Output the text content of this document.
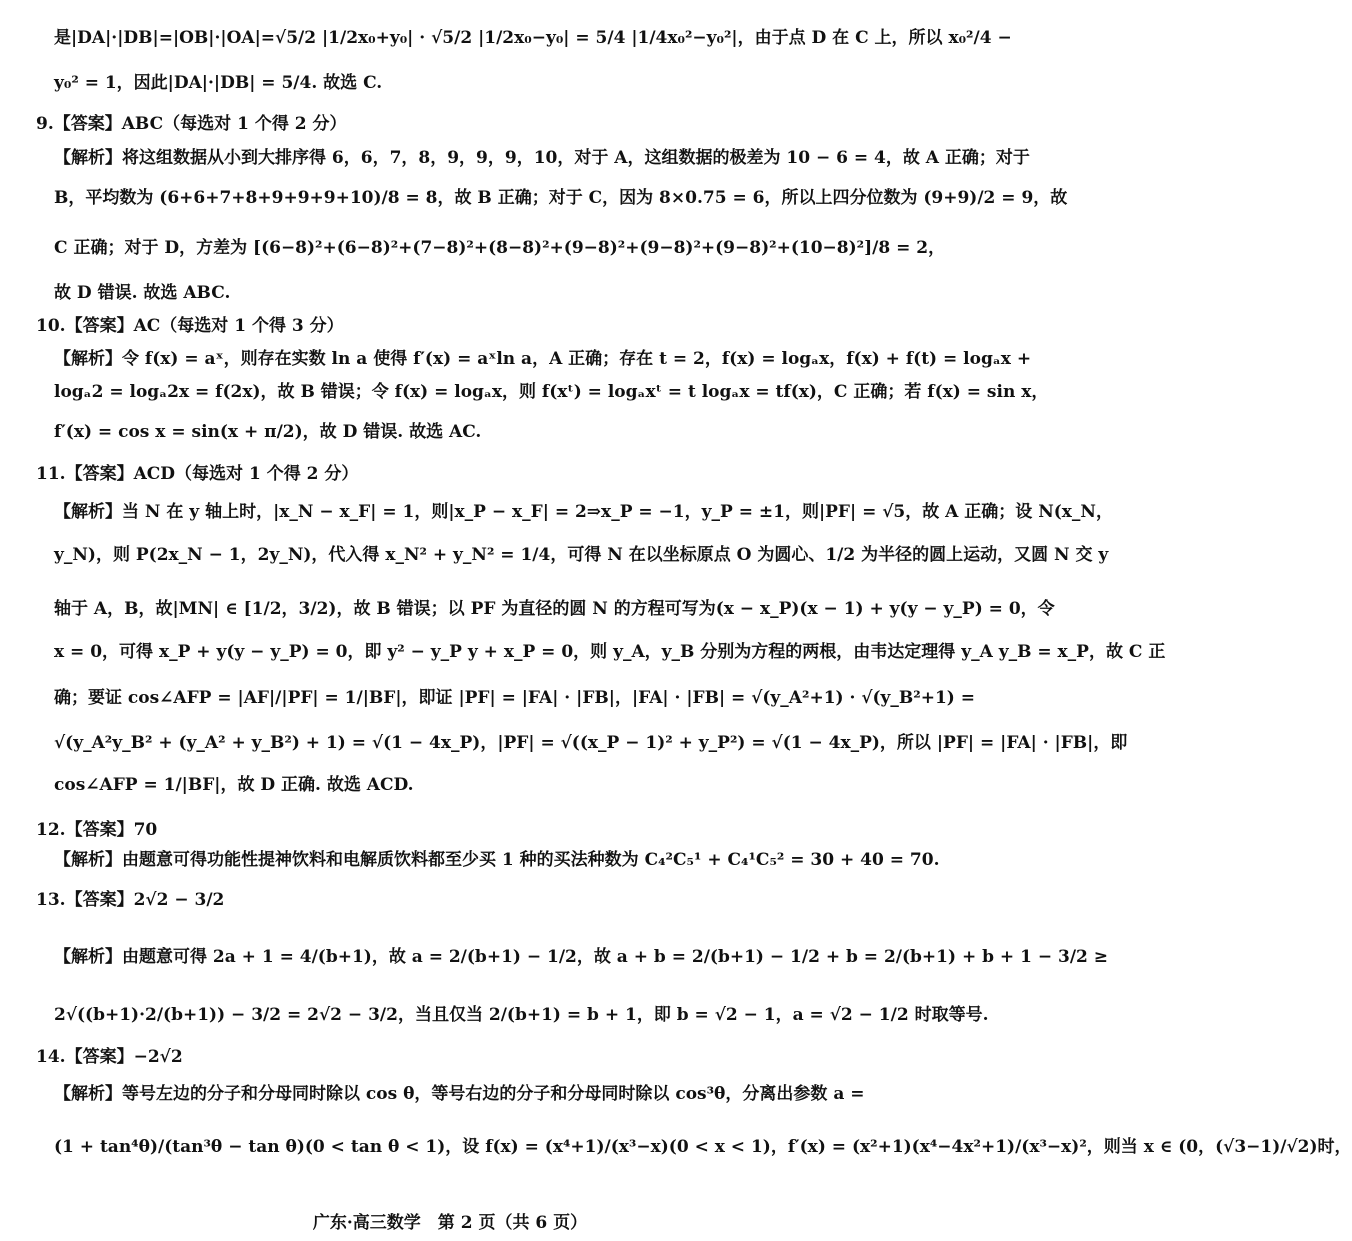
是|DA|·|DB|=|OB|·|OA|=√5/2 |1/2x₀+y₀| · √5/2 |1/2x₀−y₀| = 5/4 |1/4x₀²−y₀²|，由于点 D 在 C 上，所以 x₀²/4 −
y₀² = 1，因此|DA|·|DB| = 5/4. 故选 C.
9.【答案】ABC（每选对 1 个得 2 分）
【解析】将这组数据从小到大排序得 6，6，7，8，9，9，9，10，对于 A，这组数据的极差为 10 − 6 = 4，故 A 正确；对于
B，平均数为 (6+6+7+8+9+9+9+10)/8 = 8，故 B 正确；对于 C，因为 8×0.75 = 6，所以上四分位数为 (9+9)/2 = 9，故
C 正确；对于 D，方差为 [(6−8)²+(6−8)²+(7−8)²+(8−8)²+(9−8)²+(9−8)²+(9−8)²+(10−8)²]/8 = 2，
故 D 错误. 故选 ABC.
10.【答案】AC（每选对 1 个得 3 分）
【解析】令 f(x) = aˣ，则存在实数 ln a 使得 f′(x) = aˣln a，A 正确；存在 t = 2，f(x) = logₐx，f(x) + f(t) = logₐx +
logₐ2 = logₐ2x = f(2x)，故 B 错误；令 f(x) = logₐx，则 f(xᵗ) = logₐxᵗ = t logₐx = tf(x)，C 正确；若 f(x) = sin x，
f′(x) = cos x = sin(x + π/2)，故 D 错误. 故选 AC.
11.【答案】ACD（每选对 1 个得 2 分）
【解析】当 N 在 y 轴上时，|x_N − x_F| = 1，则|x_P − x_F| = 2⇒x_P = −1，y_P = ±1，则|PF| = √5，故 A 正确；设 N(x_N，
y_N)，则 P(2x_N − 1，2y_N)，代入得 x_N² + y_N² = 1/4，可得 N 在以坐标原点 O 为圆心、1/2 为半径的圆上运动，又圆 N 交 y
轴于 A，B，故|MN| ∈ [1/2，3/2)，故 B 错误；以 PF 为直径的圆 N 的方程可写为(x − x_P)(x − 1) + y(y − y_P) = 0，令
x = 0，可得 x_P + y(y − y_P) = 0，即 y² − y_P y + x_P = 0，则 y_A，y_B 分别为方程的两根，由韦达定理得 y_A y_B = x_P，故 C 正
确；要证 cos∠AFP = |AF|/|PF| = 1/|BF|，即证 |PF| = |FA| · |FB|，|FA| · |FB| = √(y_A²+1) · √(y_B²+1) =
√(y_A²y_B² + (y_A² + y_B²) + 1) = √(1 − 4x_P)，|PF| = √((x_P − 1)² + y_P²) = √(1 − 4x_P)，所以 |PF| = |FA| · |FB|，即
cos∠AFP = 1/|BF|，故 D 正确. 故选 ACD.
12.【答案】70
【解析】由题意可得功能性提神饮料和电解质饮料都至少买 1 种的买法种数为 C₄²C₅¹ + C₄¹C₅² = 30 + 40 = 70.
13.【答案】2√2 − 3/2
【解析】由题意可得 2a + 1 = 4/(b+1)，故 a = 2/(b+1) − 1/2，故 a + b = 2/(b+1) − 1/2 + b = 2/(b+1) + b + 1 − 3/2 ≥
2√((b+1)·2/(b+1)) − 3/2 = 2√2 − 3/2，当且仅当 2/(b+1) = b + 1，即 b = √2 − 1，a = √2 − 1/2 时取等号.
14.【答案】−2√2
【解析】等号左边的分子和分母同时除以 cos θ，等号右边的分子和分母同时除以 cos³θ，分离出参数 a =
(1 + tan⁴θ)/(tan³θ − tan θ)(0 < tan θ < 1)，设 f(x) = (x⁴+1)/(x³−x)(0 < x < 1)，f′(x) = (x²+1)(x⁴−4x²+1)/(x³−x)²，则当 x ∈ (0，(√3−1)/√2)时，
广东·高三数学　第 2 页（共 6 页）
